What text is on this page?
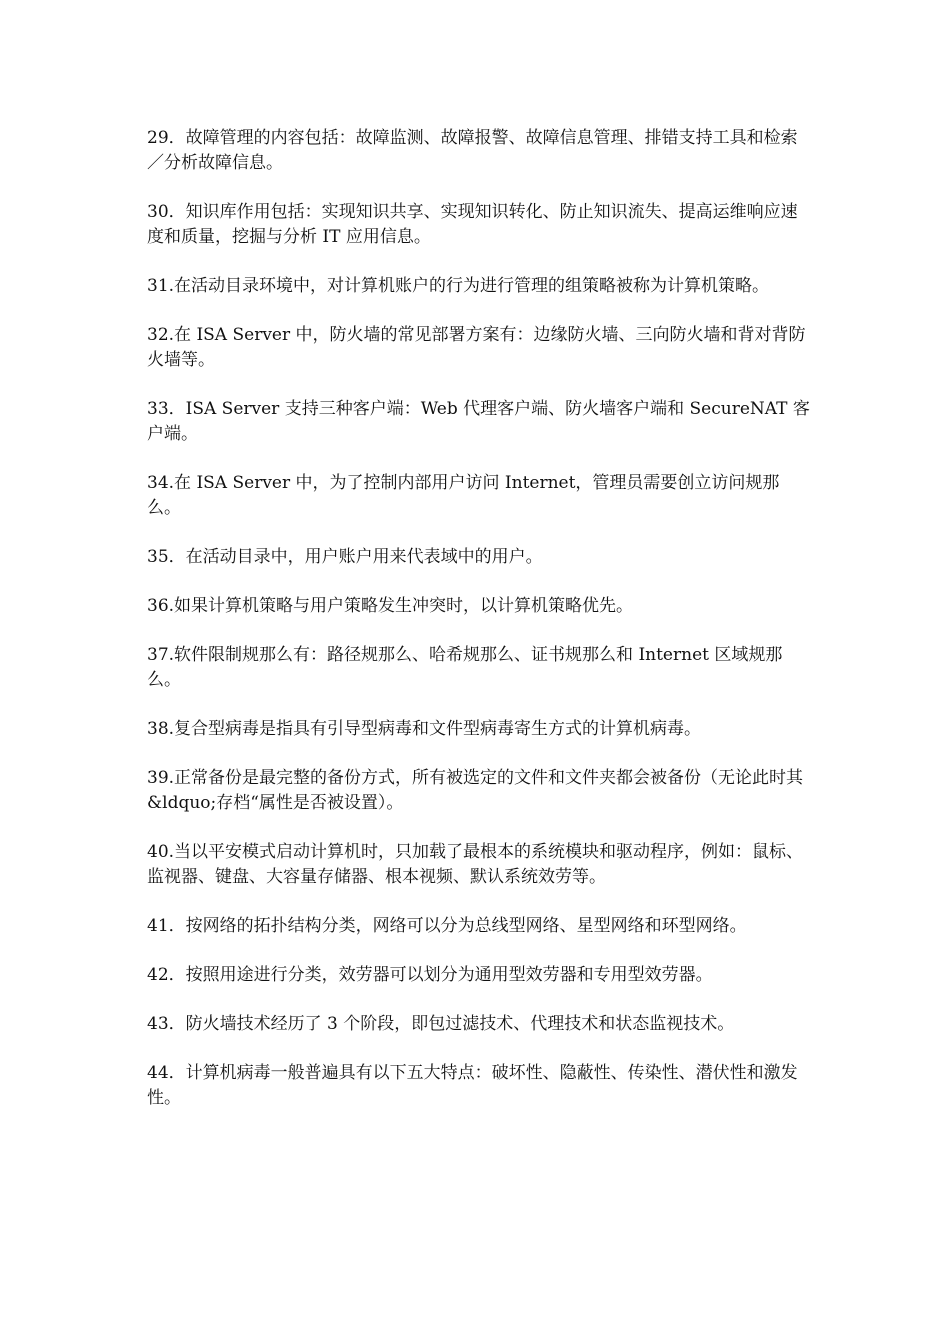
29．故障管理的内容包括：故障监测、故障报警、故障信息管理、排错支持工具和检索／分析故障信息。

30．知识库作用包括：实现知识共享、实现知识转化、防止知识流失、提高运维响应速度和质量，挖掘与分析 IT 应用信息。

31.在活动目录环境中，对计算机账户的行为进行管理的组策略被称为计算机策略。

32.在 ISA Server 中，防火墙的常见部署方案有：边缘防火墙、三向防火墙和背对背防火墙等。

33．ISA Server 支持三种客户端：Web 代理客户端、防火墙客户端和 SecureNAT 客户端。

34.在 ISA Server 中，为了控制内部用户访问 Internet，管理员需要创立访问规那么。

35．在活动目录中，用户账户用来代表域中的用户。

36.如果计算机策略与用户策略发生冲突时，以计算机策略优先。

37.软件限制规那么有：路径规那么、哈希规那么、证书规那么和 Internet 区域规那么。

38.复合型病毒是指具有引导型病毒和文件型病毒寄生方式的计算机病毒。

39.正常备份是最完整的备份方式，所有被选定的文件和文件夹都会被备份（无论此时其&ldquo;存档“属性是否被设置）。

40.当以平安模式启动计算机时，只加载了最根本的系统模块和驱动程序，例如：鼠标、监视器、键盘、大容量存储器、根本视频、默认系统效劳等。

41．按网络的拓扑结构分类，网络可以分为总线型网络、星型网络和环型网络。

42．按照用途进行分类，效劳器可以划分为通用型效劳器和专用型效劳器。

43．防火墙技术经历了 3 个阶段，即包过滤技术、代理技术和状态监视技术。

44．计算机病毒一般普遍具有以下五大特点：破坏性、隐蔽性、传染性、潜伏性和激发性。
